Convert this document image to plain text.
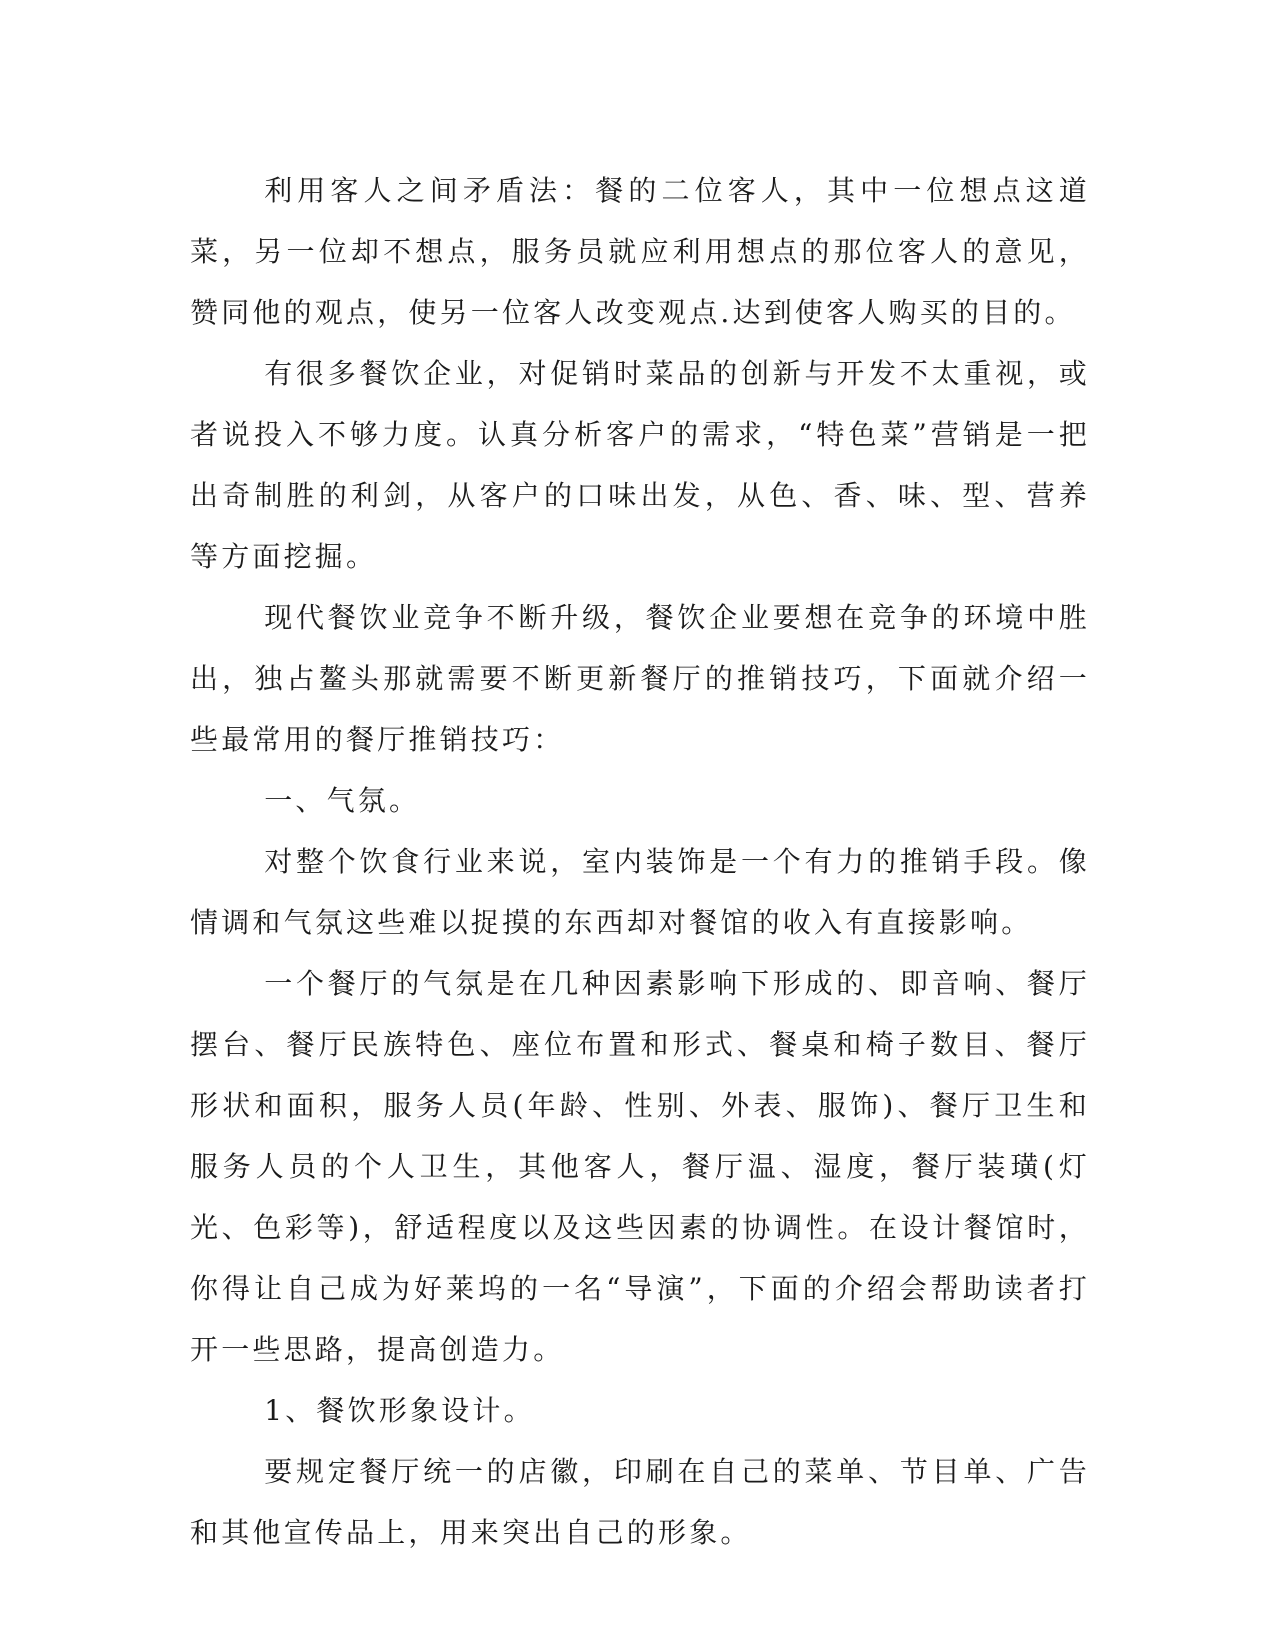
利用客人之间矛盾法：餐的二位客人，其中一位想点这道菜，另一位却不想点，服务员就应利用想点的那位客人的意见，赞同他的观点，使另一位客人改变观点.达到使客人购买的目的。

有很多餐饮企业，对促销时菜品的创新与开发不太重视，或者说投入不够力度。认真分析客户的需求，“特色菜”营销是一把出奇制胜的利剑，从客户的口味出发，从色、香、味、型、营养等方面挖掘。

现代餐饮业竞争不断升级，餐饮企业要想在竞争的环境中胜出，独占鳌头那就需要不断更新餐厅的推销技巧，下面就介绍一些最常用的餐厅推销技巧：

一、气氛。

对整个饮食行业来说，室内装饰是一个有力的推销手段。像情调和气氛这些难以捉摸的东西却对餐馆的收入有直接影响。

一个餐厅的气氛是在几种因素影响下形成的、即音响、餐厅摆台、餐厅民族特色、座位布置和形式、餐桌和椅子数目、餐厅形状和面积，服务人员(年龄、性别、外表、服饰)、餐厅卫生和服务人员的个人卫生，其他客人，餐厅温、湿度，餐厅装璜(灯光、色彩等)，舒适程度以及这些因素的协调性。在设计餐馆时，你得让自己成为好莱坞的一名“导演”，下面的介绍会帮助读者打开一些思路，提高创造力。

1、餐饮形象设计。

要规定餐厅统一的店徽，印刷在自己的菜单、节目单、广告和其他宣传品上，用来突出自己的形象。
